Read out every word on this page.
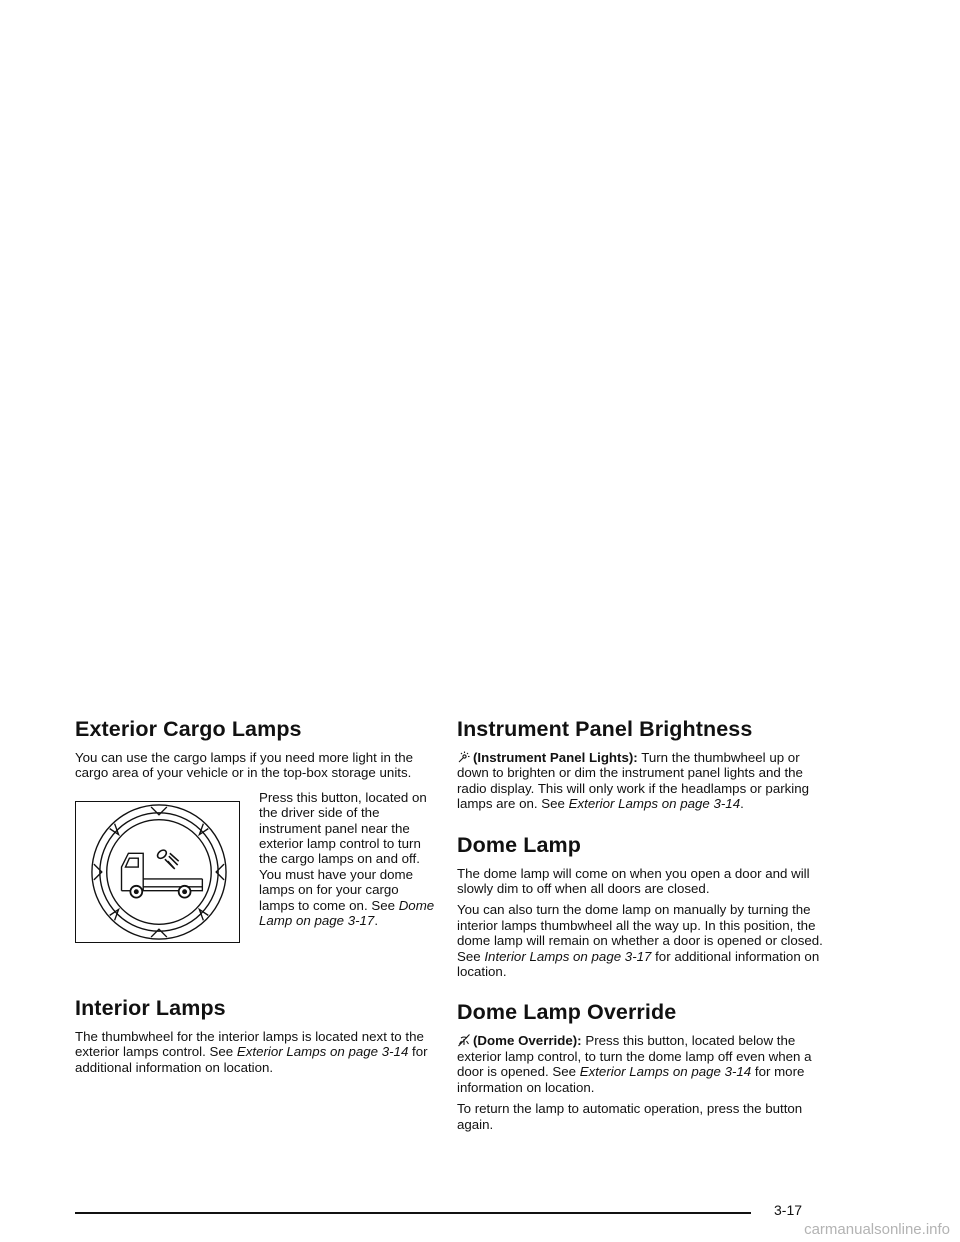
Exterior Cargo Lamps

You can use the cargo lamps if you need more light in the cargo area of your vehicle or in the top-box storage units.

Press this button, located on the driver side of the instrument panel near the exterior lamp control to turn the cargo lamps on and off. You must have your dome lamps on for your cargo lamps to come on. See Dome Lamp on page 3-17.

Interior Lamps

The thumbwheel for the interior lamps is located next to the exterior lamps control. See Exterior Lamps on page 3-14 for additional information on location.

Instrument Panel Brightness

(Instrument Panel Lights): Turn the thumbwheel up or down to brighten or dim the instrument panel lights and the radio display. This will only work if the headlamps or parking lamps are on. See Exterior Lamps on page 3-14.

Dome Lamp

The dome lamp will come on when you open a door and will slowly dim to off when all doors are closed.

You can also turn the dome lamp on manually by turning the interior lamps thumbwheel all the way up. In this position, the dome lamp will remain on whether a door is opened or closed. See Interior Lamps on page 3-17 for additional information on location.

Dome Lamp Override

(Dome Override): Press this button, located below the exterior lamp control, to turn the dome lamp off even when a door is opened. See Exterior Lamps on page 3-14 for more information on location.

To return the lamp to automatic operation, press the button again.

3-17
carmanualsonline.info
